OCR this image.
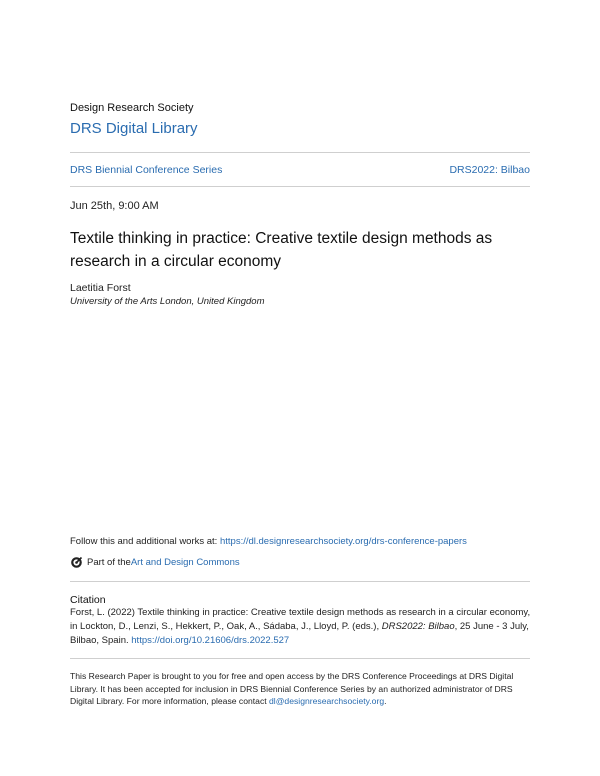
Design Research Society
DRS Digital Library
DRS Biennial Conference Series	DRS2022: Bilbao
Jun 25th, 9:00 AM
Textile thinking in practice: Creative textile design methods as research in a circular economy
Laetitia Forst
University of the Arts London, United Kingdom
Follow this and additional works at: https://dl.designresearchsociety.org/drs-conference-papers
Part of the Art and Design Commons
Citation
Forst, L. (2022) Textile thinking in practice: Creative textile design methods as research in a circular economy, in Lockton, D., Lenzi, S., Hekkert, P., Oak, A., Sádaba, J., Lloyd, P. (eds.), DRS2022: Bilbao, 25 June - 3 July, Bilbao, Spain. https://doi.org/10.21606/drs.2022.527
This Research Paper is brought to you for free and open access by the DRS Conference Proceedings at DRS Digital Library. It has been accepted for inclusion in DRS Biennial Conference Series by an authorized administrator of DRS Digital Library. For more information, please contact dl@designresearchsociety.org.
